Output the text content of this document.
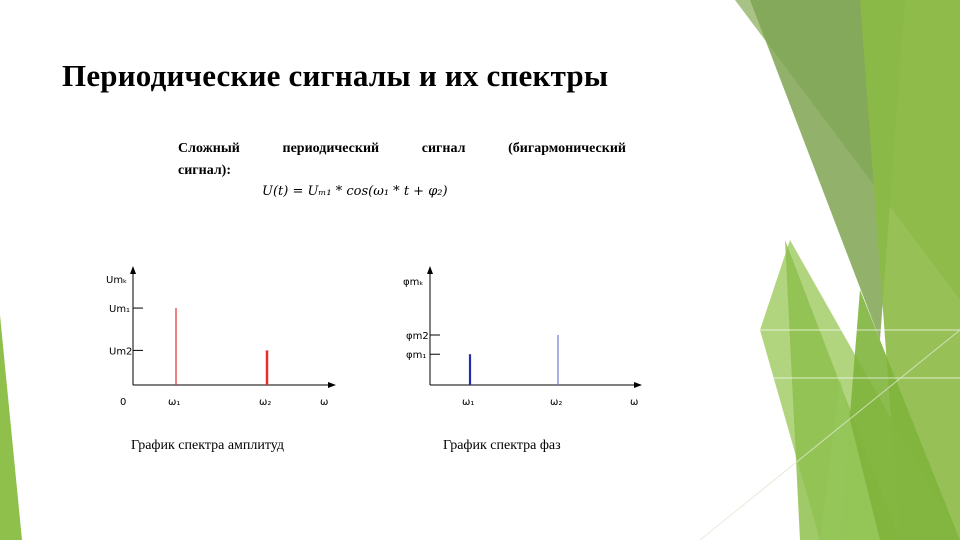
Периодические сигналы и их спектры
Сложный	периодический	сигнал	(бигармонический
сигнал):
U(t) = Uₘ₁ * cos(ω₁ * t + φ₂)
Umₖ
0	ω
Um₁
ω₁
Um2
ω₂
График спектра амплитуд
φmₖ
ω
φm₁
ω₁
φm2
ω₂
График спектра фаз
